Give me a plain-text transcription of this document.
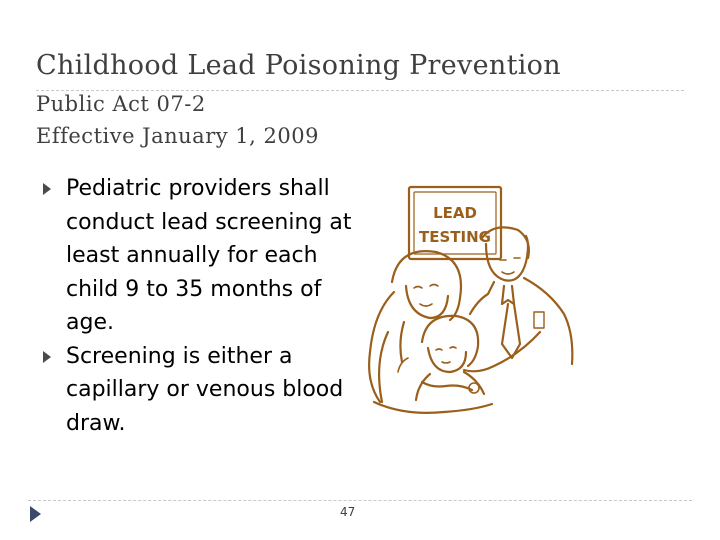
Childhood Lead Poisoning Prevention
Public Act 07-2
Effective January 1, 2009
Pediatric providers shall conduct lead screening at least annually for each child 9 to 35 months of age.
Screening is either a capillary or venous blood draw.
LEAD
TESTING
47
